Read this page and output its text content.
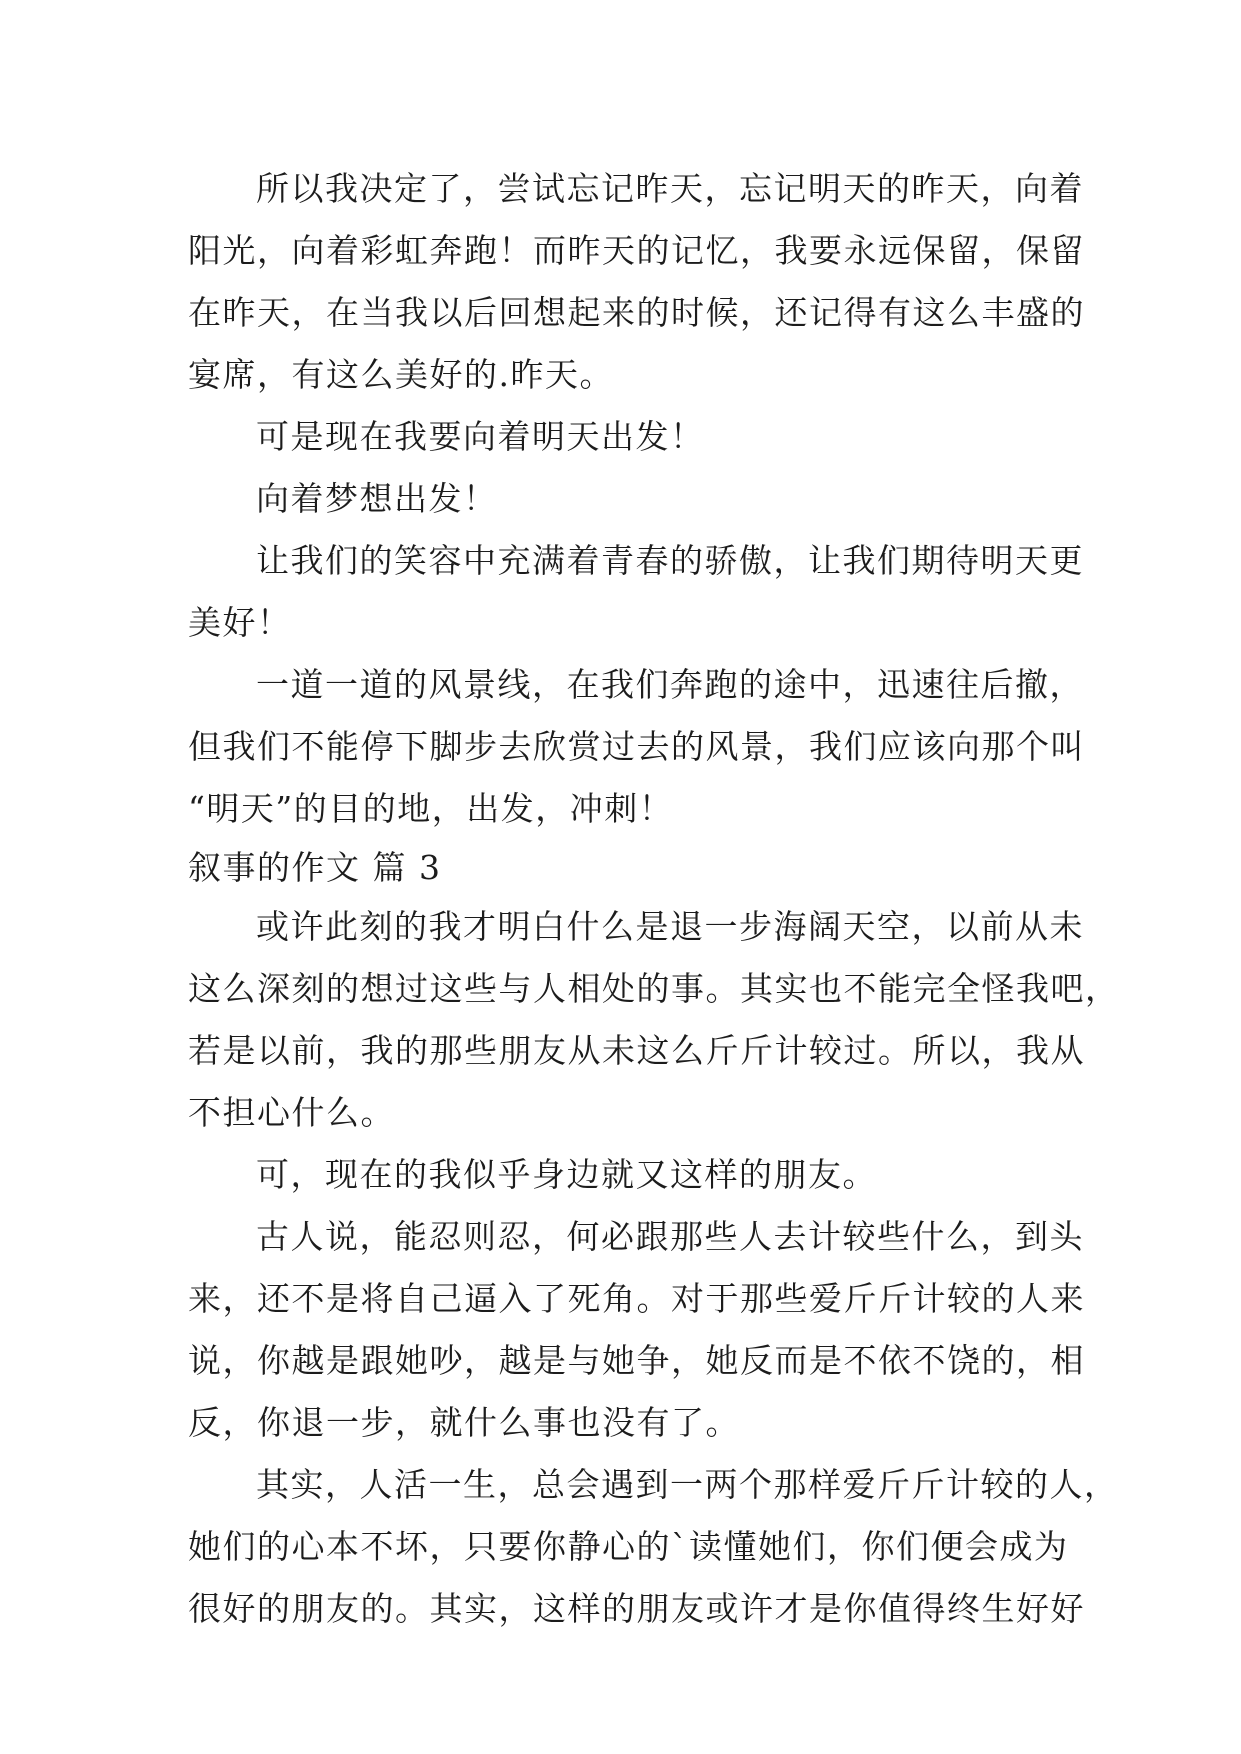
所以我决定了，尝试忘记昨天，忘记明天的昨天，向着
阳光，向着彩虹奔跑！而昨天的记忆，我要永远保留，保留
在昨天，在当我以后回想起来的时候，还记得有这么丰盛的
宴席，有这么美好的.昨天。
可是现在我要向着明天出发！
向着梦想出发！
让我们的笑容中充满着青春的骄傲，让我们期待明天更
美好！
一道一道的风景线，在我们奔跑的途中，迅速往后撤，
但我们不能停下脚步去欣赏过去的风景，我们应该向那个叫
“明天”的目的地，出发，冲刺！
叙事的作文 篇 3
或许此刻的我才明白什么是退一步海阔天空，以前从未
这么深刻的想过这些与人相处的事。其实也不能完全怪我吧，
若是以前，我的那些朋友从未这么斤斤计较过。所以，我从
不担心什么。
可，现在的我似乎身边就又这样的朋友。
古人说，能忍则忍，何必跟那些人去计较些什么，到头
来，还不是将自己逼入了死角。对于那些爱斤斤计较的人来
说，你越是跟她吵，越是与她争，她反而是不依不饶的，相
反，你退一步，就什么事也没有了。
其实，人活一生，总会遇到一两个那样爱斤斤计较的人，
她们的心本不坏，只要你静心的`读懂她们，你们便会成为
很好的朋友的。其实，这样的朋友或许才是你值得终生好好
